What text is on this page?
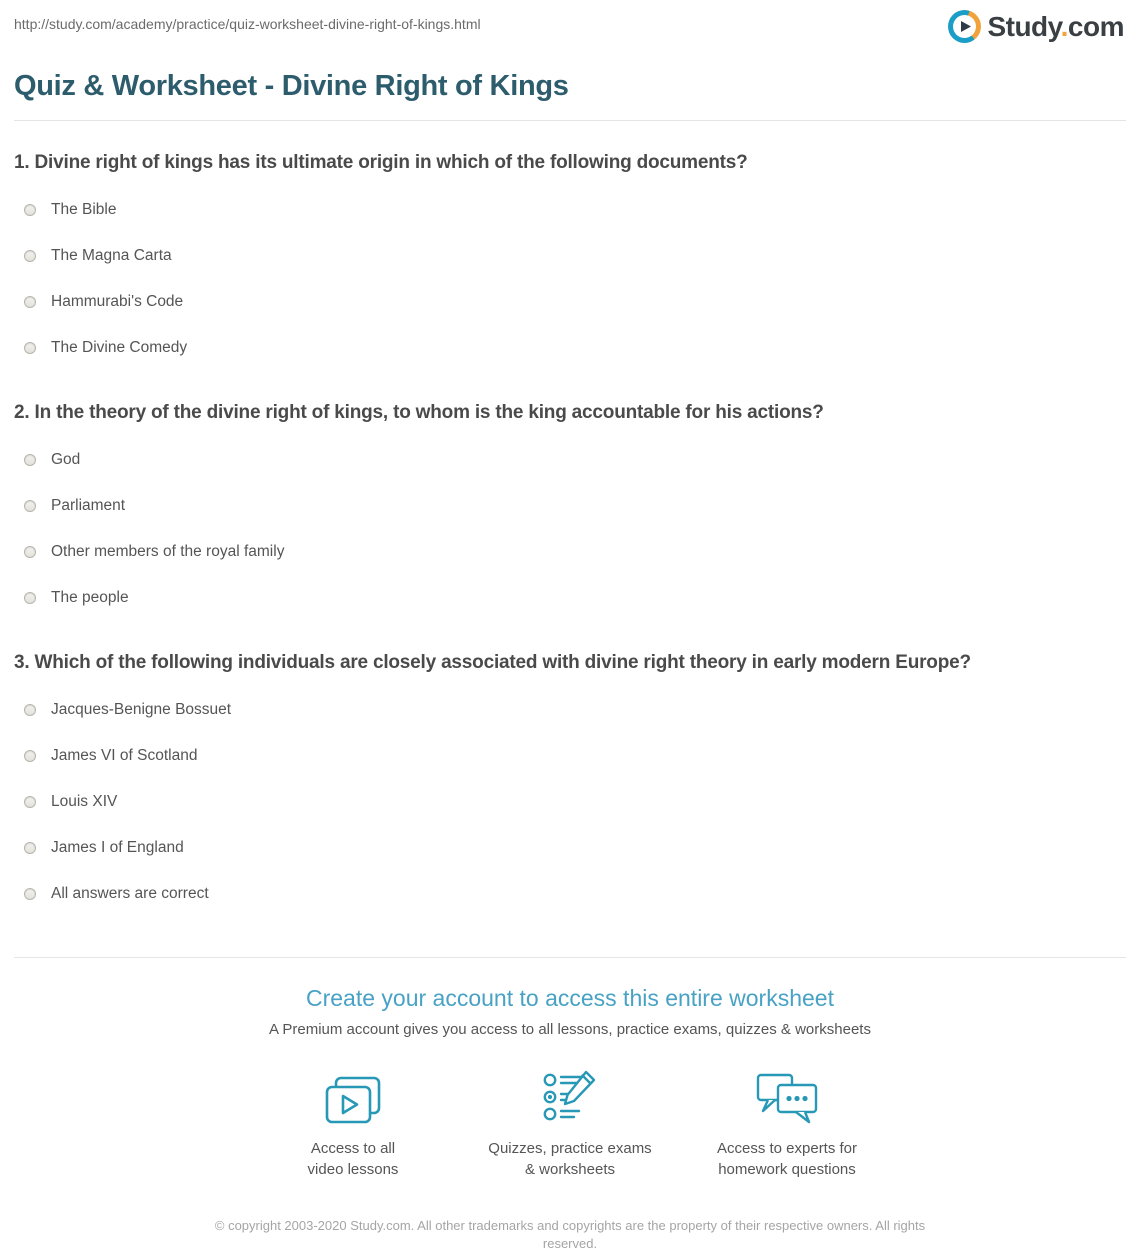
http://study.com/academy/practice/quiz-worksheet-divine-right-of-kings.html	Study.com
Quiz & Worksheet - Divine Right of Kings
1. Divine right of kings has its ultimate origin in which of the following documents?
The Bible
The Magna Carta
Hammurabi's Code
The Divine Comedy
2. In the theory of the divine right of kings, to whom is the king accountable for his actions?
God
Parliament
Other members of the royal family
The people
3. Which of the following individuals are closely associated with divine right theory in early modern Europe?
Jacques-Benigne Bossuet
James VI of Scotland
Louis XIV
James I of England
All answers are correct
Create your account to access this entire worksheet

A Premium account gives you access to all lessons, practice exams, quizzes & worksheets

Access to all
video lessons
Quizzes, practice exams
& worksheets
Access to experts for
homework questions
© copyright 2003-2020 Study.com. All other trademarks and copyrights are the property of their respective owners. All rights reserved.
